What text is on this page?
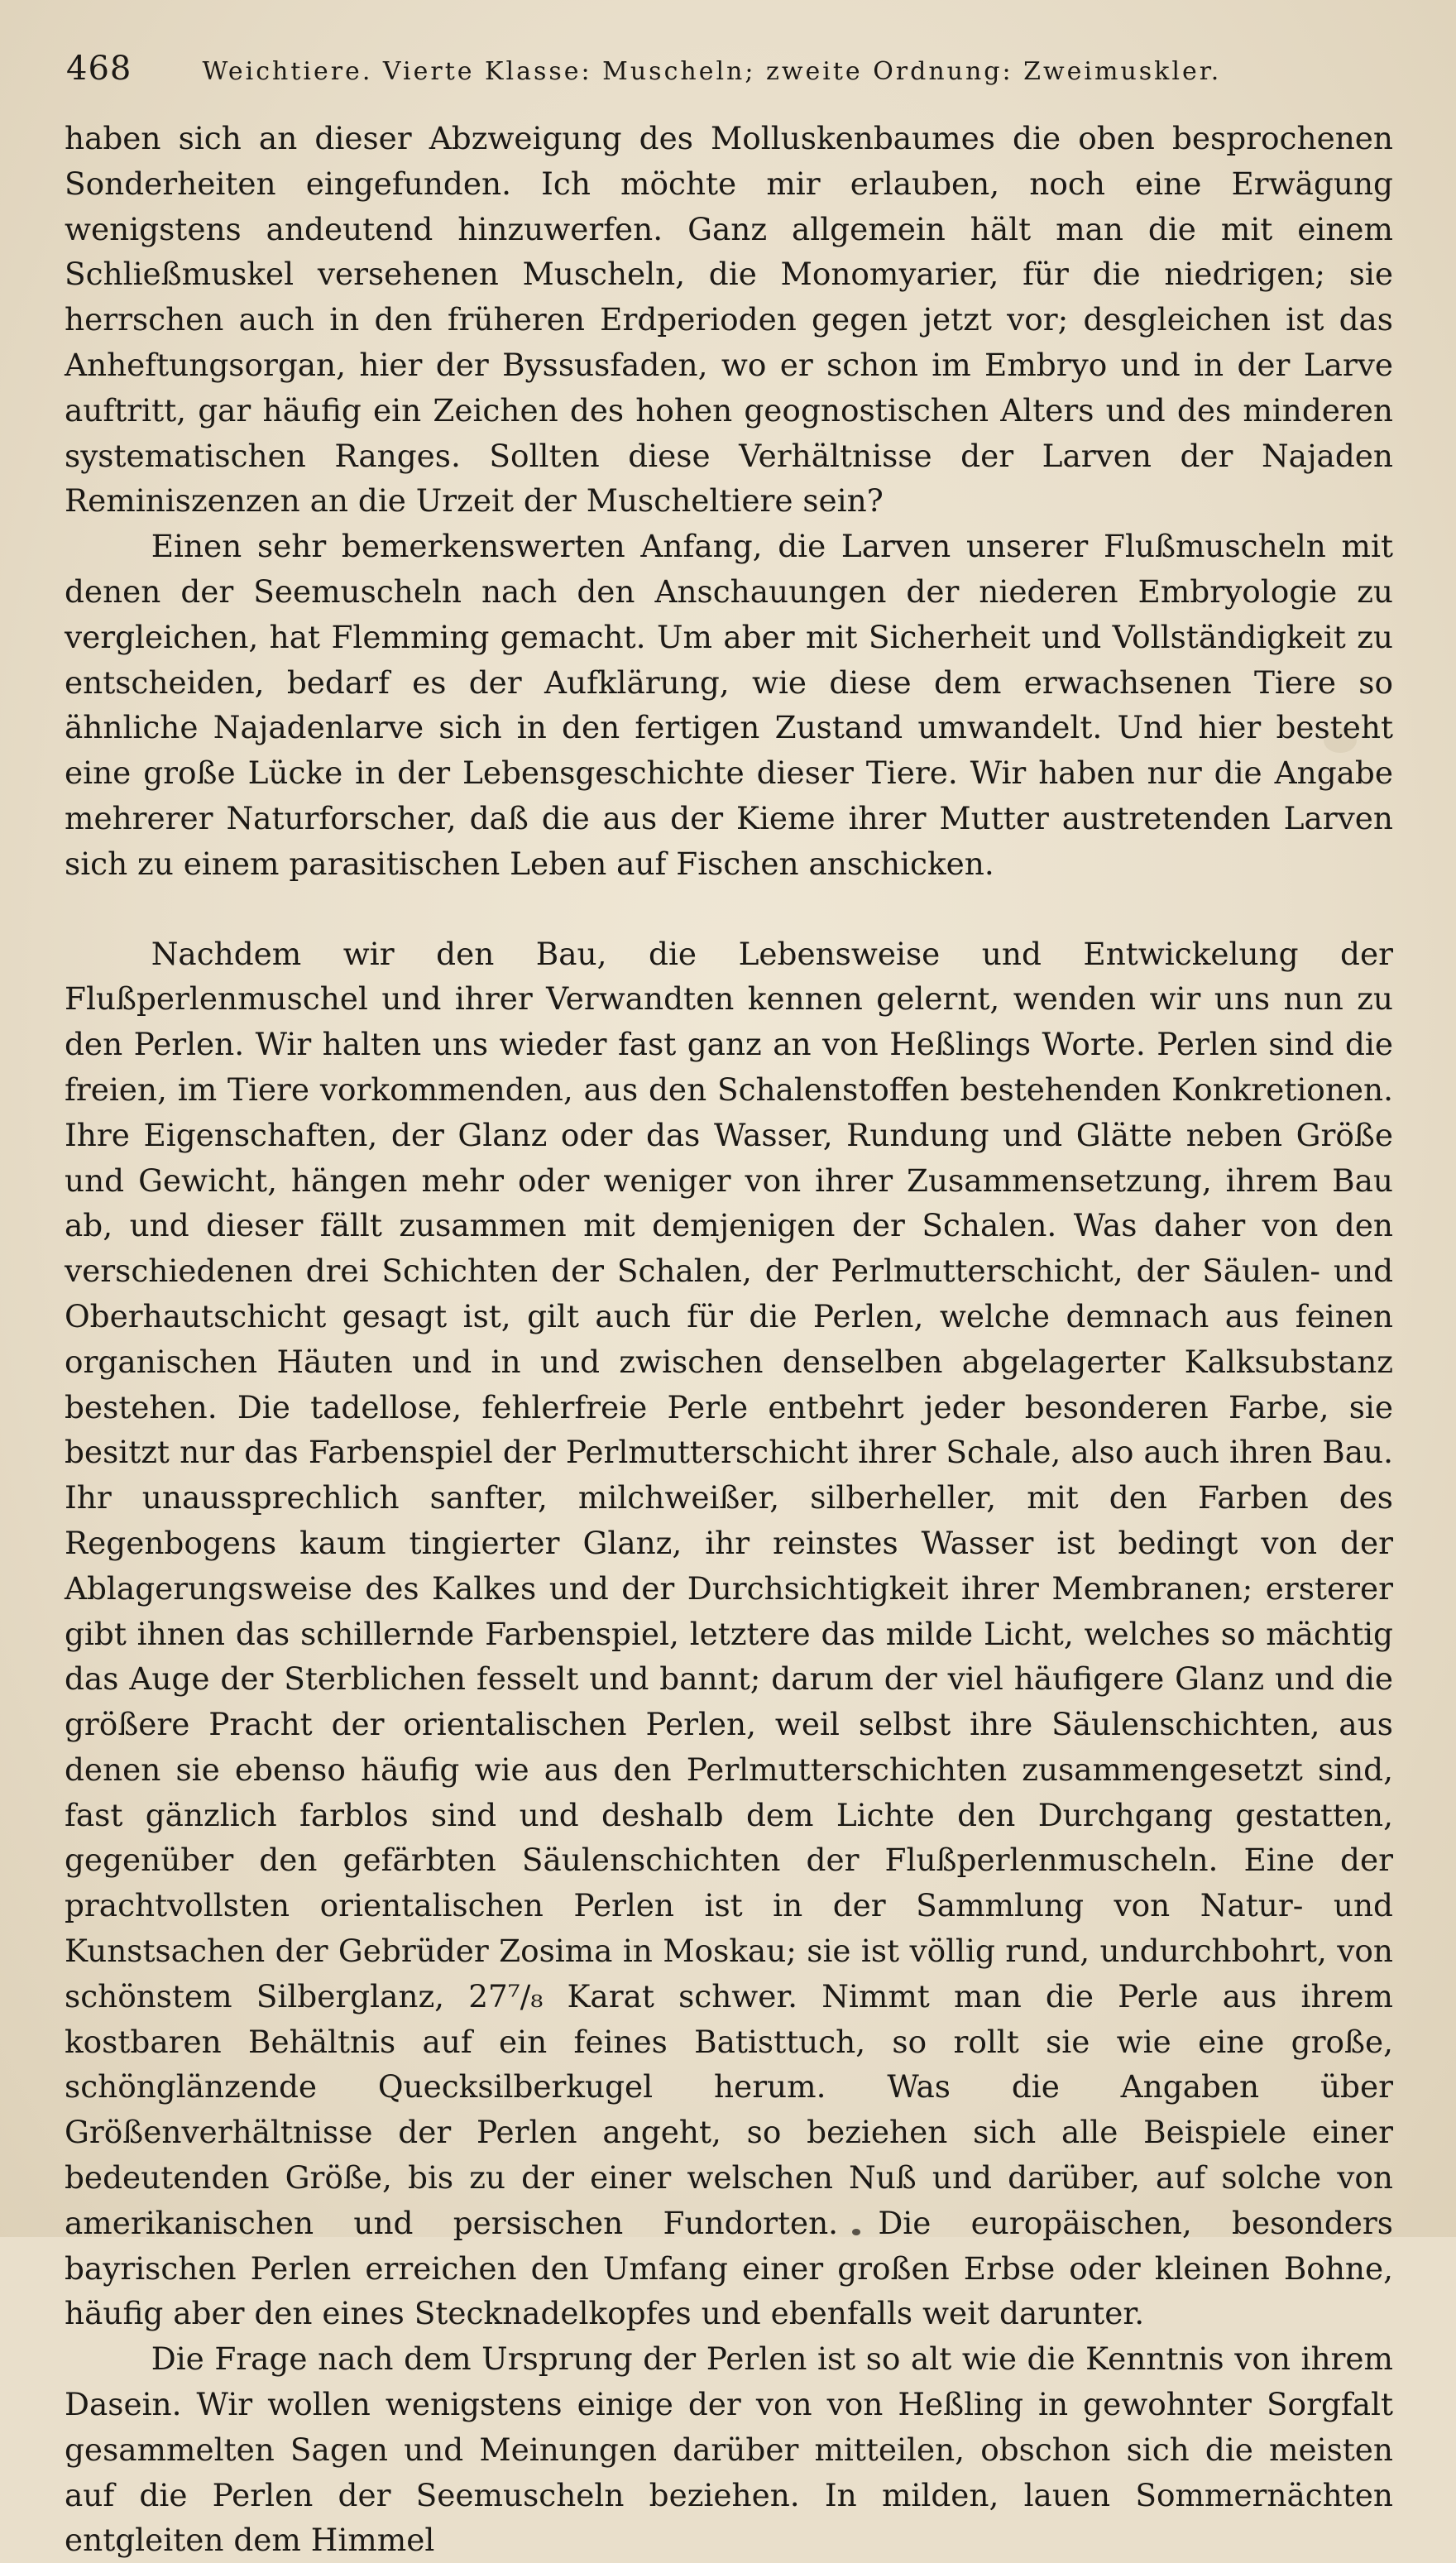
468	Weichtiere. Vierte Klasse: Muscheln; zweite Ordnung: Zweimuskler.

haben sich an dieser Abzweigung des Molluskenbaumes die oben besprochenen Sonderheiten eingefunden. Ich möchte mir erlauben, noch eine Erwägung wenigstens andeutend hinzuwerfen. Ganz allgemein hält man die mit einem Schließmuskel versehenen Muscheln, die Monomyarier, für die niedrigen; sie herrschen auch in den früheren Erdperioden gegen jetzt vor; desgleichen ist das Anheftungsorgan, hier der Byssusfaden, wo er schon im Embryo und in der Larve auftritt, gar häufig ein Zeichen des hohen geognostischen Alters und des minderen systematischen Ranges. Sollten diese Verhältnisse der Larven der Najaden Reminiszenzen an die Urzeit der Muscheltiere sein?

Einen sehr bemerkenswerten Anfang, die Larven unserer Flußmuscheln mit denen der Seemuscheln nach den Anschauungen der niederen Embryologie zu vergleichen, hat Flemming gemacht. Um aber mit Sicherheit und Vollständigkeit zu entscheiden, bedarf es der Aufklärung, wie diese dem erwachsenen Tiere so ähnliche Najadenlarve sich in den fertigen Zustand umwandelt. Und hier besteht eine große Lücke in der Lebensgeschichte dieser Tiere. Wir haben nur die Angabe mehrerer Naturforscher, daß die aus der Kieme ihrer Mutter austretenden Larven sich zu einem parasitischen Leben auf Fischen anschicken.

Nachdem wir den Bau, die Lebensweise und Entwickelung der Flußperlenmuschel und ihrer Verwandten kennen gelernt, wenden wir uns nun zu den Perlen. Wir halten uns wieder fast ganz an von Heßlings Worte. Perlen sind die freien, im Tiere vorkommenden, aus den Schalenstoffen bestehenden Konkretionen. Ihre Eigenschaften, der Glanz oder das Wasser, Rundung und Glätte neben Größe und Gewicht, hängen mehr oder weniger von ihrer Zusammensetzung, ihrem Bau ab, und dieser fällt zusammen mit demjenigen der Schalen. Was daher von den verschiedenen drei Schichten der Schalen, der Perlmutterschicht, der Säulen- und Oberhautschicht gesagt ist, gilt auch für die Perlen, welche demnach aus feinen organischen Häuten und in und zwischen denselben abgelagerter Kalksubstanz bestehen. Die tadellose, fehlerfreie Perle entbehrt jeder besonderen Farbe, sie besitzt nur das Farbenspiel der Perlmutterschicht ihrer Schale, also auch ihren Bau. Ihr unaussprechlich sanfter, milchweißer, silberheller, mit den Farben des Regenbogens kaum tingierter Glanz, ihr reinstes Wasser ist bedingt von der Ablagerungsweise des Kalkes und der Durchsichtigkeit ihrer Membranen; ersterer gibt ihnen das schillernde Farbenspiel, letztere das milde Licht, welches so mächtig das Auge der Sterblichen fesselt und bannt; darum der viel häufigere Glanz und die größere Pracht der orientalischen Perlen, weil selbst ihre Säulenschichten, aus denen sie ebenso häufig wie aus den Perlmutterschichten zusammengesetzt sind, fast gänzlich farblos sind und deshalb dem Lichte den Durchgang gestatten, gegenüber den gefärbten Säulenschichten der Flußperlenmuscheln. Eine der prachtvollsten orientalischen Perlen ist in der Sammlung von Natur- und Kunstsachen der Gebrüder Zosima in Moskau; sie ist völlig rund, undurchbohrt, von schönstem Silberglanz, 27⁷/₈ Karat schwer. Nimmt man die Perle aus ihrem kostbaren Behältnis auf ein feines Batisttuch, so rollt sie wie eine große, schönglänzende Quecksilberkugel herum. Was die Angaben über Größenverhältnisse der Perlen angeht, so beziehen sich alle Beispiele einer bedeutenden Größe, bis zu der einer welschen Nuß und darüber, auf solche von amerikanischen und persischen Fundorten. Die europäischen, besonders bayrischen Perlen erreichen den Umfang einer großen Erbse oder kleinen Bohne, häufig aber den eines Stecknadelkopfes und ebenfalls weit darunter.

Die Frage nach dem Ursprung der Perlen ist so alt wie die Kenntnis von ihrem Dasein. Wir wollen wenigstens einige der von von Heßling in gewohnter Sorgfalt gesammelten Sagen und Meinungen darüber mitteilen, obschon sich die meisten auf die Perlen der Seemuscheln beziehen. In milden, lauen Sommernächten entgleiten dem Himmel
